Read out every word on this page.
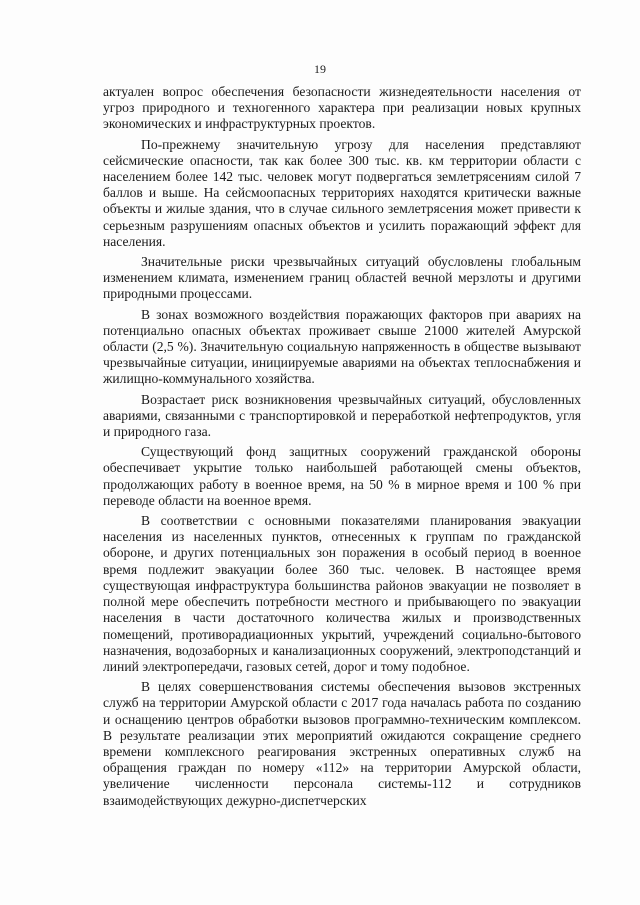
19

актуален вопрос обеспечения безопасности жизнедеятельности населения от угроз природного и техногенного характера при реализации новых крупных экономических и инфраструктурных проектов.

По-прежнему значительную угрозу для населения представляют сейсмические опасности, так как более 300 тыс. кв. км территории области с населением более 142 тыс. человек могут подвергаться землетрясениям силой 7 баллов и выше. На сейсмоопасных территориях находятся критически важные объекты и жилые здания, что в случае сильного землетрясения может привести к серьезным разрушениям опасных объектов и усилить поражающий эффект для населения.

Значительные риски чрезвычайных ситуаций обусловлены глобальным изменением климата, изменением границ областей вечной мерзлоты и другими природными процессами.

В зонах возможного воздействия поражающих факторов при авариях на потенциально опасных объектах проживает свыше 21000 жителей Амурской области (2,5 %). Значительную социальную напряженность в обществе вызывают чрезвычайные ситуации, инициируемые авариями на объектах теплоснабжения и жилищно-коммунального хозяйства.

Возрастает риск возникновения чрезвычайных ситуаций, обусловленных авариями, связанными с транспортировкой и переработкой нефтепродуктов, угля и природного газа.

Существующий фонд защитных сооружений гражданской обороны обеспечивает укрытие только наибольшей работающей смены объектов, продолжающих работу в военное время, на 50 % в мирное время и 100 % при переводе области на военное время.

В соответствии с основными показателями планирования эвакуации населения из населенных пунктов, отнесенных к группам по гражданской обороне, и других потенциальных зон поражения в особый период в военное время подлежит эвакуации более 360 тыс. человек. В настоящее время существующая инфраструктура большинства районов эвакуации не позволяет в полной мере обеспечить потребности местного и прибывающего по эвакуации населения в части достаточного количества жилых и производственных помещений, противорадиационных укрытий, учреждений социально-бытового назначения, водозаборных и канализационных сооружений, электроподстанций и линий электропередачи, газовых сетей, дорог и тому подобное.

В целях совершенствования системы обеспечения вызовов экстренных служб на территории Амурской области с 2017 года началась работа по созданию и оснащению центров обработки вызовов программно-техническим комплексом. В результате реализации этих мероприятий ожидаются сокращение среднего времени комплексного реагирования экстренных оперативных служб на обращения граждан по номеру «112» на территории Амурской области, увеличение численности персонала системы-112 и сотрудников взаимодействующих дежурно-диспетчерских
